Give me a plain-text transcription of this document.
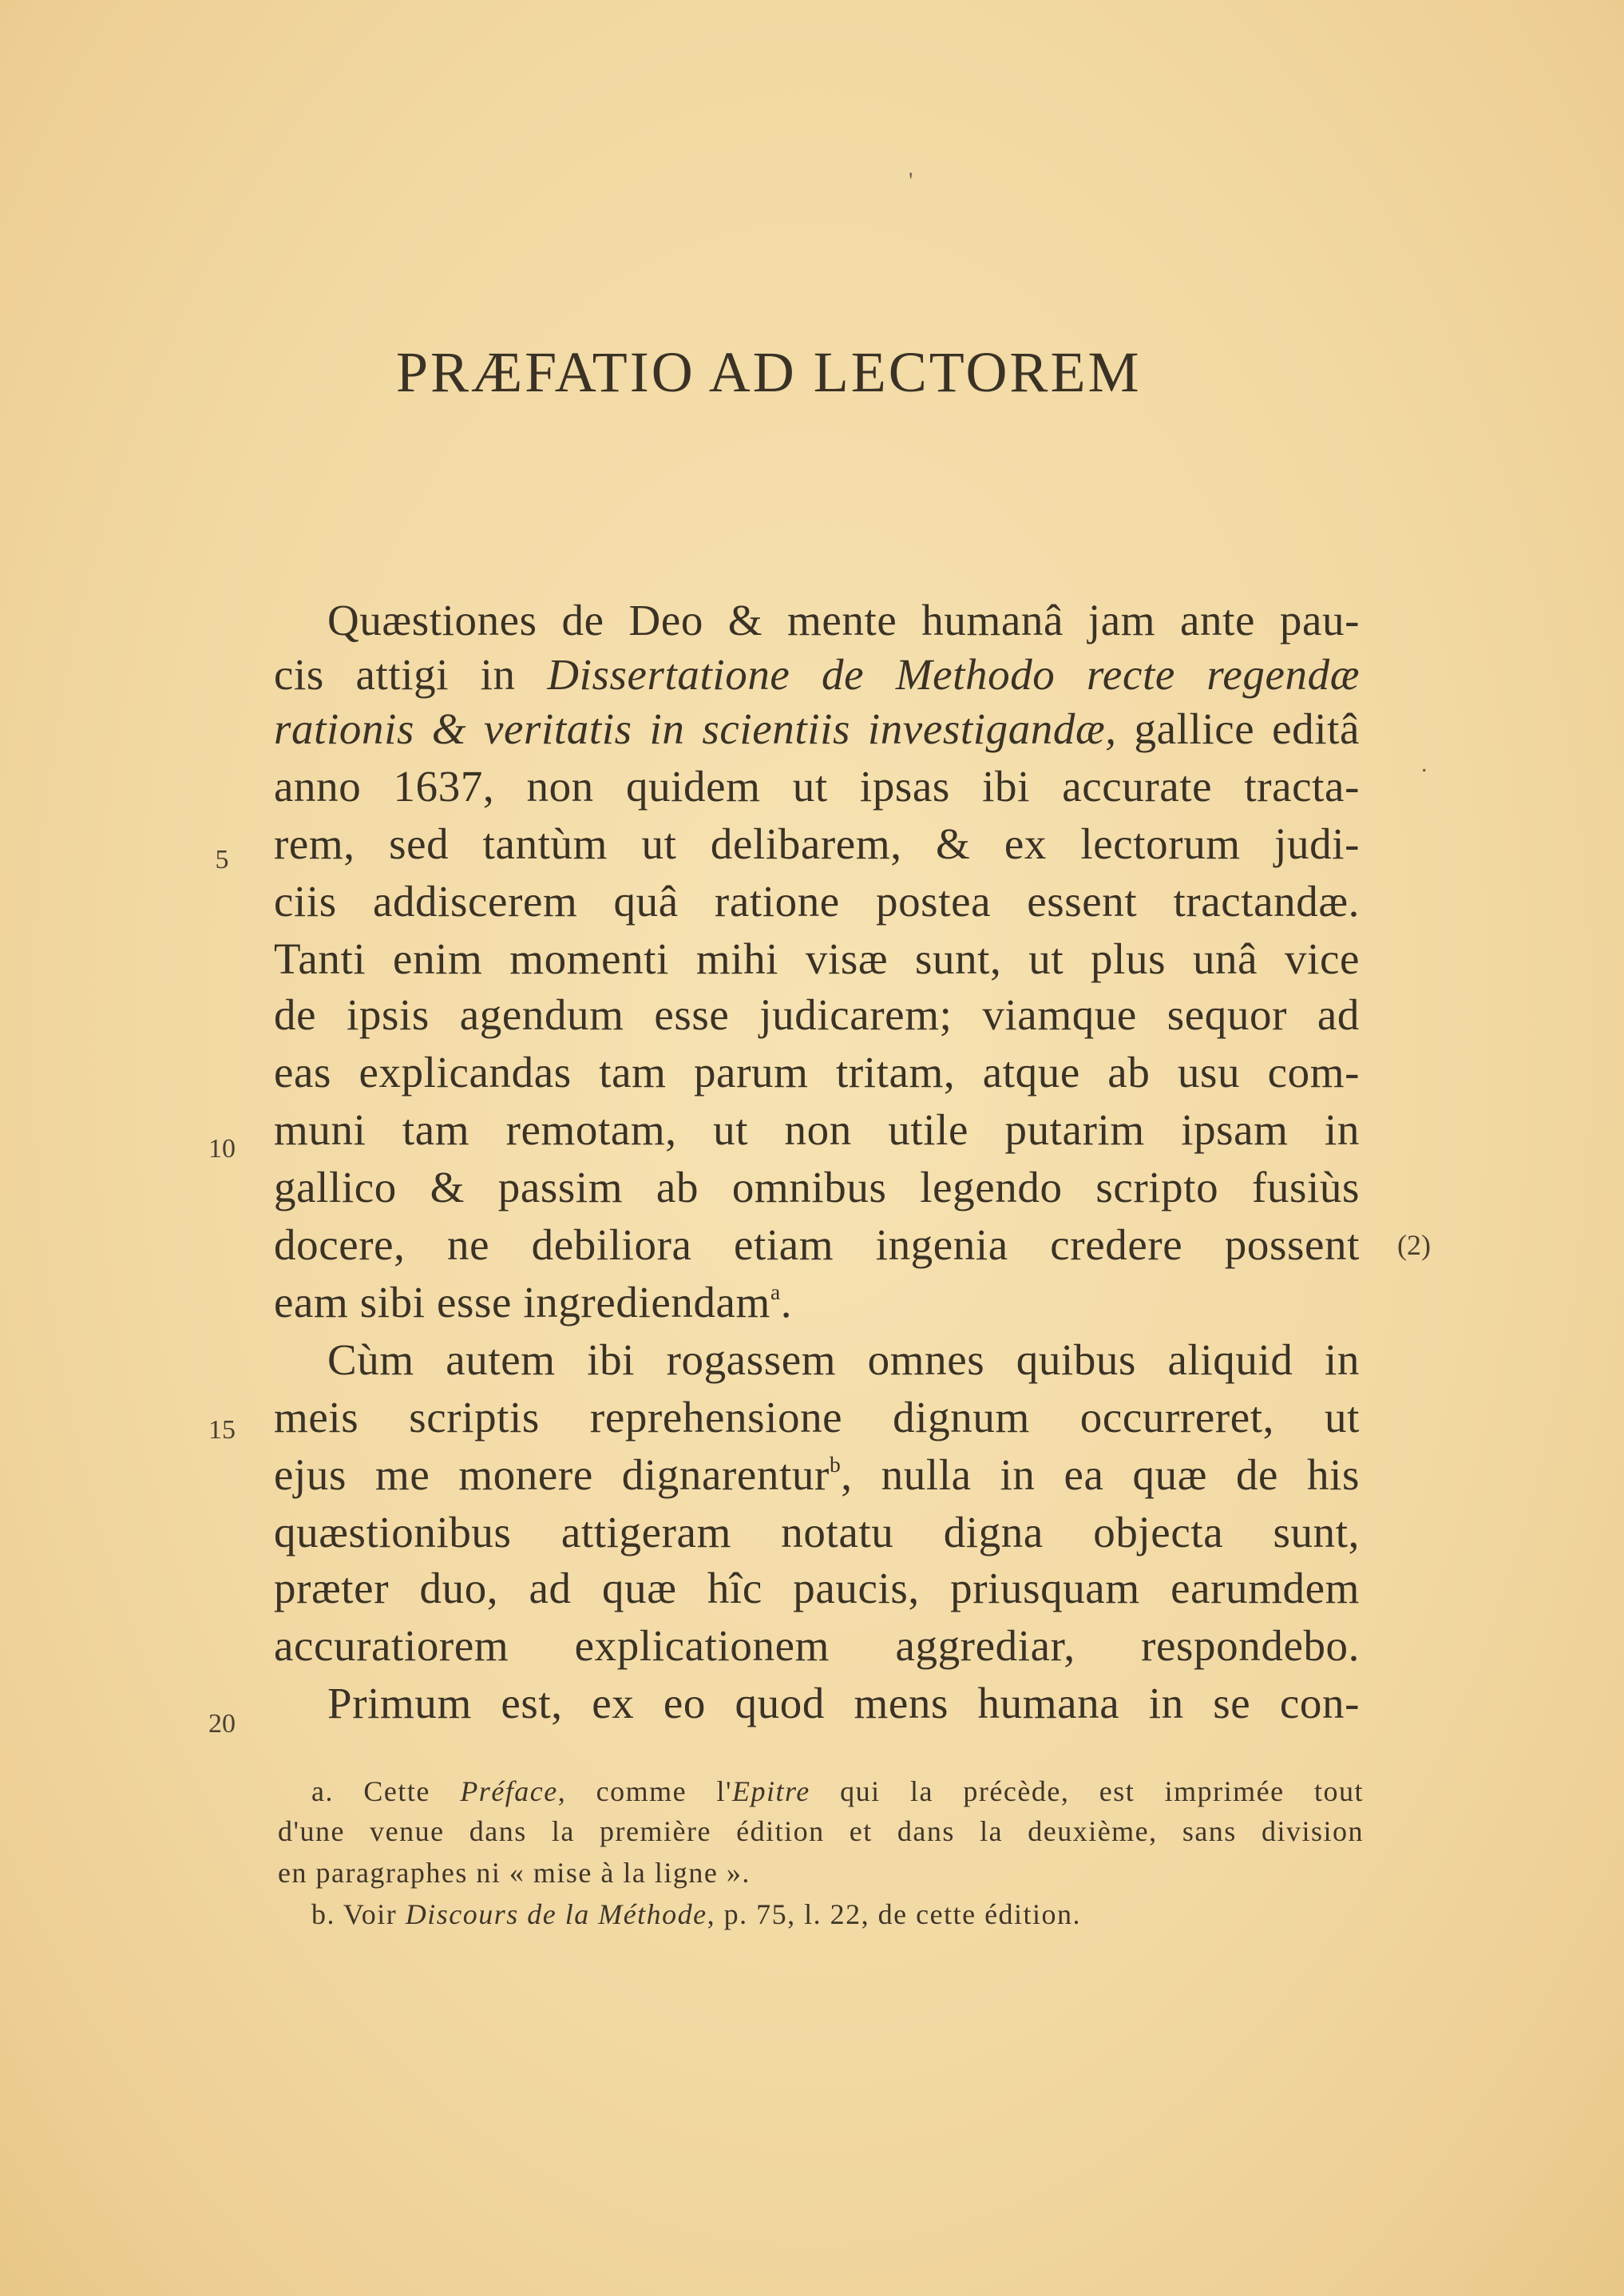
'
.
PRÆFATIO AD LECTOREM
Quæstiones de Deo & mente humanâ jam ante pau-
cis attigi in Dissertatione de Methodo recte regendæ
rationis & veritatis in scientiis investigandæ, gallice editâ
anno 1637, non quidem ut ipsas ibi accurate tracta-
5	rem, sed tantùm ut delibarem, & ex lectorum judi-
ciis addiscerem quâ ratione postea essent tractandæ.
Tanti enim momenti mihi visæ sunt, ut plus unâ vice
de ipsis agendum esse judicarem; viamque sequor ad
eas explicandas tam parum tritam, atque ab usu com-
10 muni tam remotam, ut non utile putarim ipsam in
gallico & passim ab omnibus legendo scripto fusiùs
docere, ne debiliora etiam ingenia credere possent (2)
eam sibi esse ingrediendam$^a$.
Cùm autem ibi rogassem omnes quibus aliquid in
15 meis scriptis reprehensione dignum occurreret, ut
ejus me monere dignarentur$^b$, nulla in ea quæ de his
quæstionibus attigeram notatu digna objecta sunt,
præter duo, ad quæ hîc paucis, priusquam earumdem
accuratiorem explicationem aggrediar, respondebo.
20 Primum est, ex eo quod mens humana in se con-
a. Cette Préface, comme l'Epitre qui la précède, est imprimée tout
d'une venue dans la première édition et dans la deuxième, sans division
en paragraphes ni « mise à la ligne ».
b. Voir Discours de la Méthode, p. 75, l. 22, de cette édition.
